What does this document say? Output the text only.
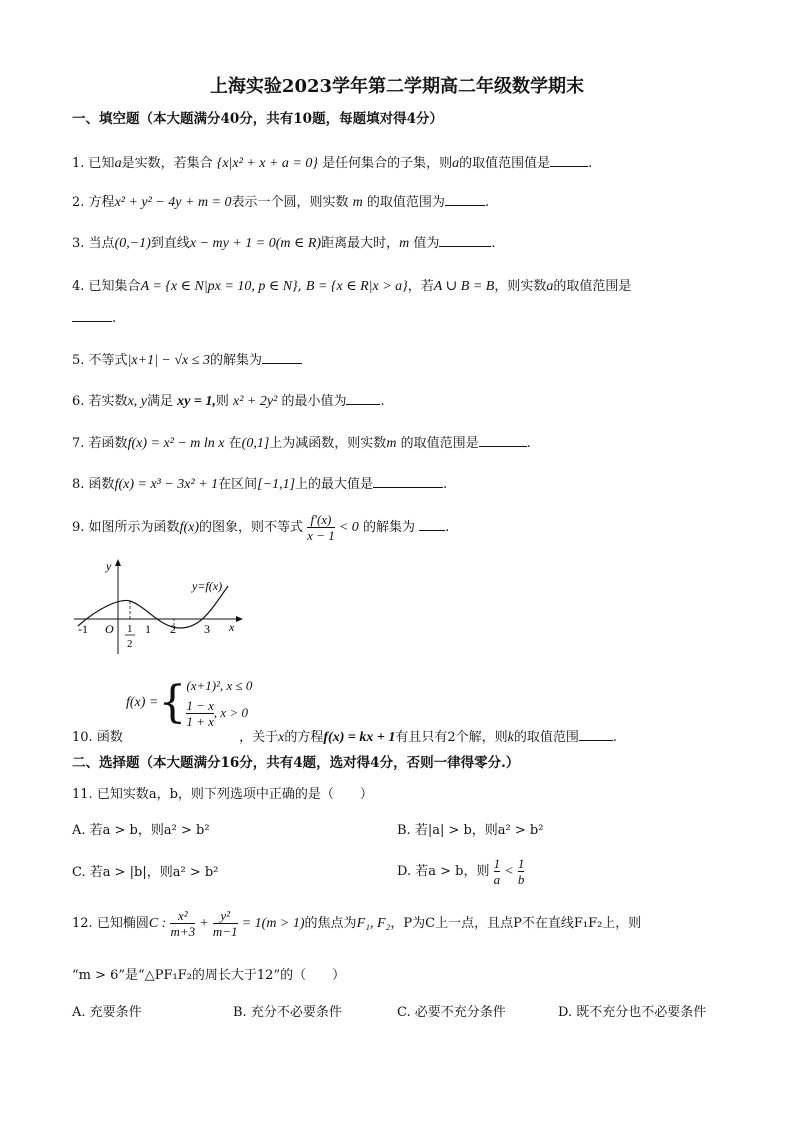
上海实验2023学年第二学期高二年级数学期末
一、填空题（本大题满分40分，共有10题，每题填对得4分）
1. 已知a是实数，若集合 {x|x² + x + a = 0} 是任何集合的子集，则a的取值范围值是	.
2. 方程x² + y² − 4y + m = 0表示一个圆，则实数 m 的取值范围为	.
3. 当点(0,−1)到直线x − my + 1 = 0(m ∈ R)距离最大时，m 值为	.
4. 已知集合A = {x ∈ N|px = 10, p ∈ N}, B = {x ∈ R|x > a}，若A ∪ B = B，则实数a的取值范围是
.
5. 不等式|x+1| − √x ≤ 3的解集为
6. 若实数x, y满足 xy = 1,则 x² + 2y² 的最小值为	.
7. 若函数f(x) = x² − m ln x 在(0,1]上为减函数，则实数m 的取值范围是	.
8. 函数f(x) = x³ − 3x² + 1在区间[−1,1]上的最大值是	.
9. 如图所示为函数f(x)的图象，则不等式 $\frac{f'(x)}{x - 1} < 0$ 的解集为 .
y
x
y=f(x)
O
-1	1 2 3
1
2
f(x) = { (x+1)², x ≤ 0
$\frac{1 - x}{1 + x}$ , x > 0
10. 函数	，关于x的方程f(x) = kx + 1有且只有2个解，则k的取值范围	.
二、选择题（本大题满分16分，共有4题，选对得4分，否则一律得零分.）
11. 已知实数a，b，则下列选项中正确的是（　　）
A. 若a > b，则a² > b²	B. 若|a| > b，则a² > b²
C. 若a > |b|，则a² > b²	D. 若a > b，则 $\frac{1}{a} < \frac{1}{b}$
12. 已知椭圆C : $\frac{\text{x²}}{m+3} + \frac{\text{y²}}{m-1} = 1(m > 1)$的焦点为F₁, F₂，P为C上一点，且点P不在直线F₁F₂上，则
“m > 6”是“△PF₁F₂的周长大于12”的（　　）
A. 充要条件	B. 充分不必要条件	C. 必要不充分条件	D. 既不充分也不必要条件
